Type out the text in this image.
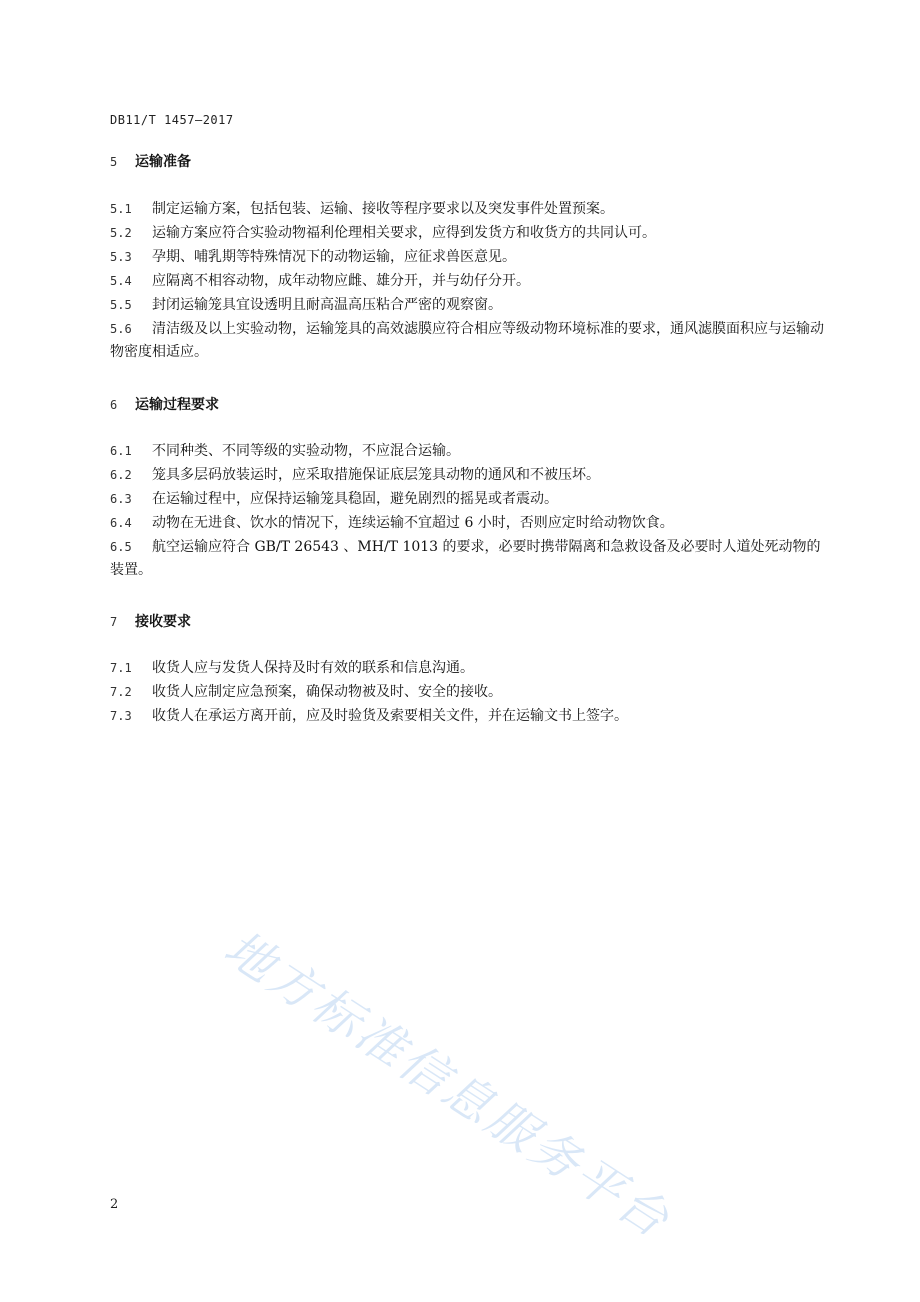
DB11/T 1457—2017
5 运输准备
5.1 制定运输方案，包括包装、运输、接收等程序要求以及突发事件处置预案。
5.2 运输方案应符合实验动物福利伦理相关要求，应得到发货方和收货方的共同认可。
5.3 孕期、哺乳期等特殊情况下的动物运输，应征求兽医意见。
5.4 应隔离不相容动物，成年动物应雌、雄分开，并与幼仔分开。
5.5 封闭运输笼具宜设透明且耐高温高压粘合严密的观察窗。
5.6 清洁级及以上实验动物，运输笼具的高效滤膜应符合相应等级动物环境标准的要求，通风滤膜面积应与运输动物密度相适应。
6 运输过程要求
6.1 不同种类、不同等级的实验动物，不应混合运输。
6.2 笼具多层码放装运时，应采取措施保证底层笼具动物的通风和不被压坏。
6.3 在运输过程中，应保持运输笼具稳固，避免剧烈的摇晃或者震动。
6.4 动物在无进食、饮水的情况下，连续运输不宜超过 6 小时，否则应定时给动物饮食。
6.5 航空运输应符合 GB/T 26543 、MH/T 1013 的要求，必要时携带隔离和急救设备及必要时人道处死动物的装置。
7 接收要求
7.1 收货人应与发货人保持及时有效的联系和信息沟通。
7.2 收货人应制定应急预案，确保动物被及时、安全的接收。
7.3 收货人在承运方离开前，应及时验货及索要相关文件，并在运输文书上签字。
地方标准信息服务平台
2
